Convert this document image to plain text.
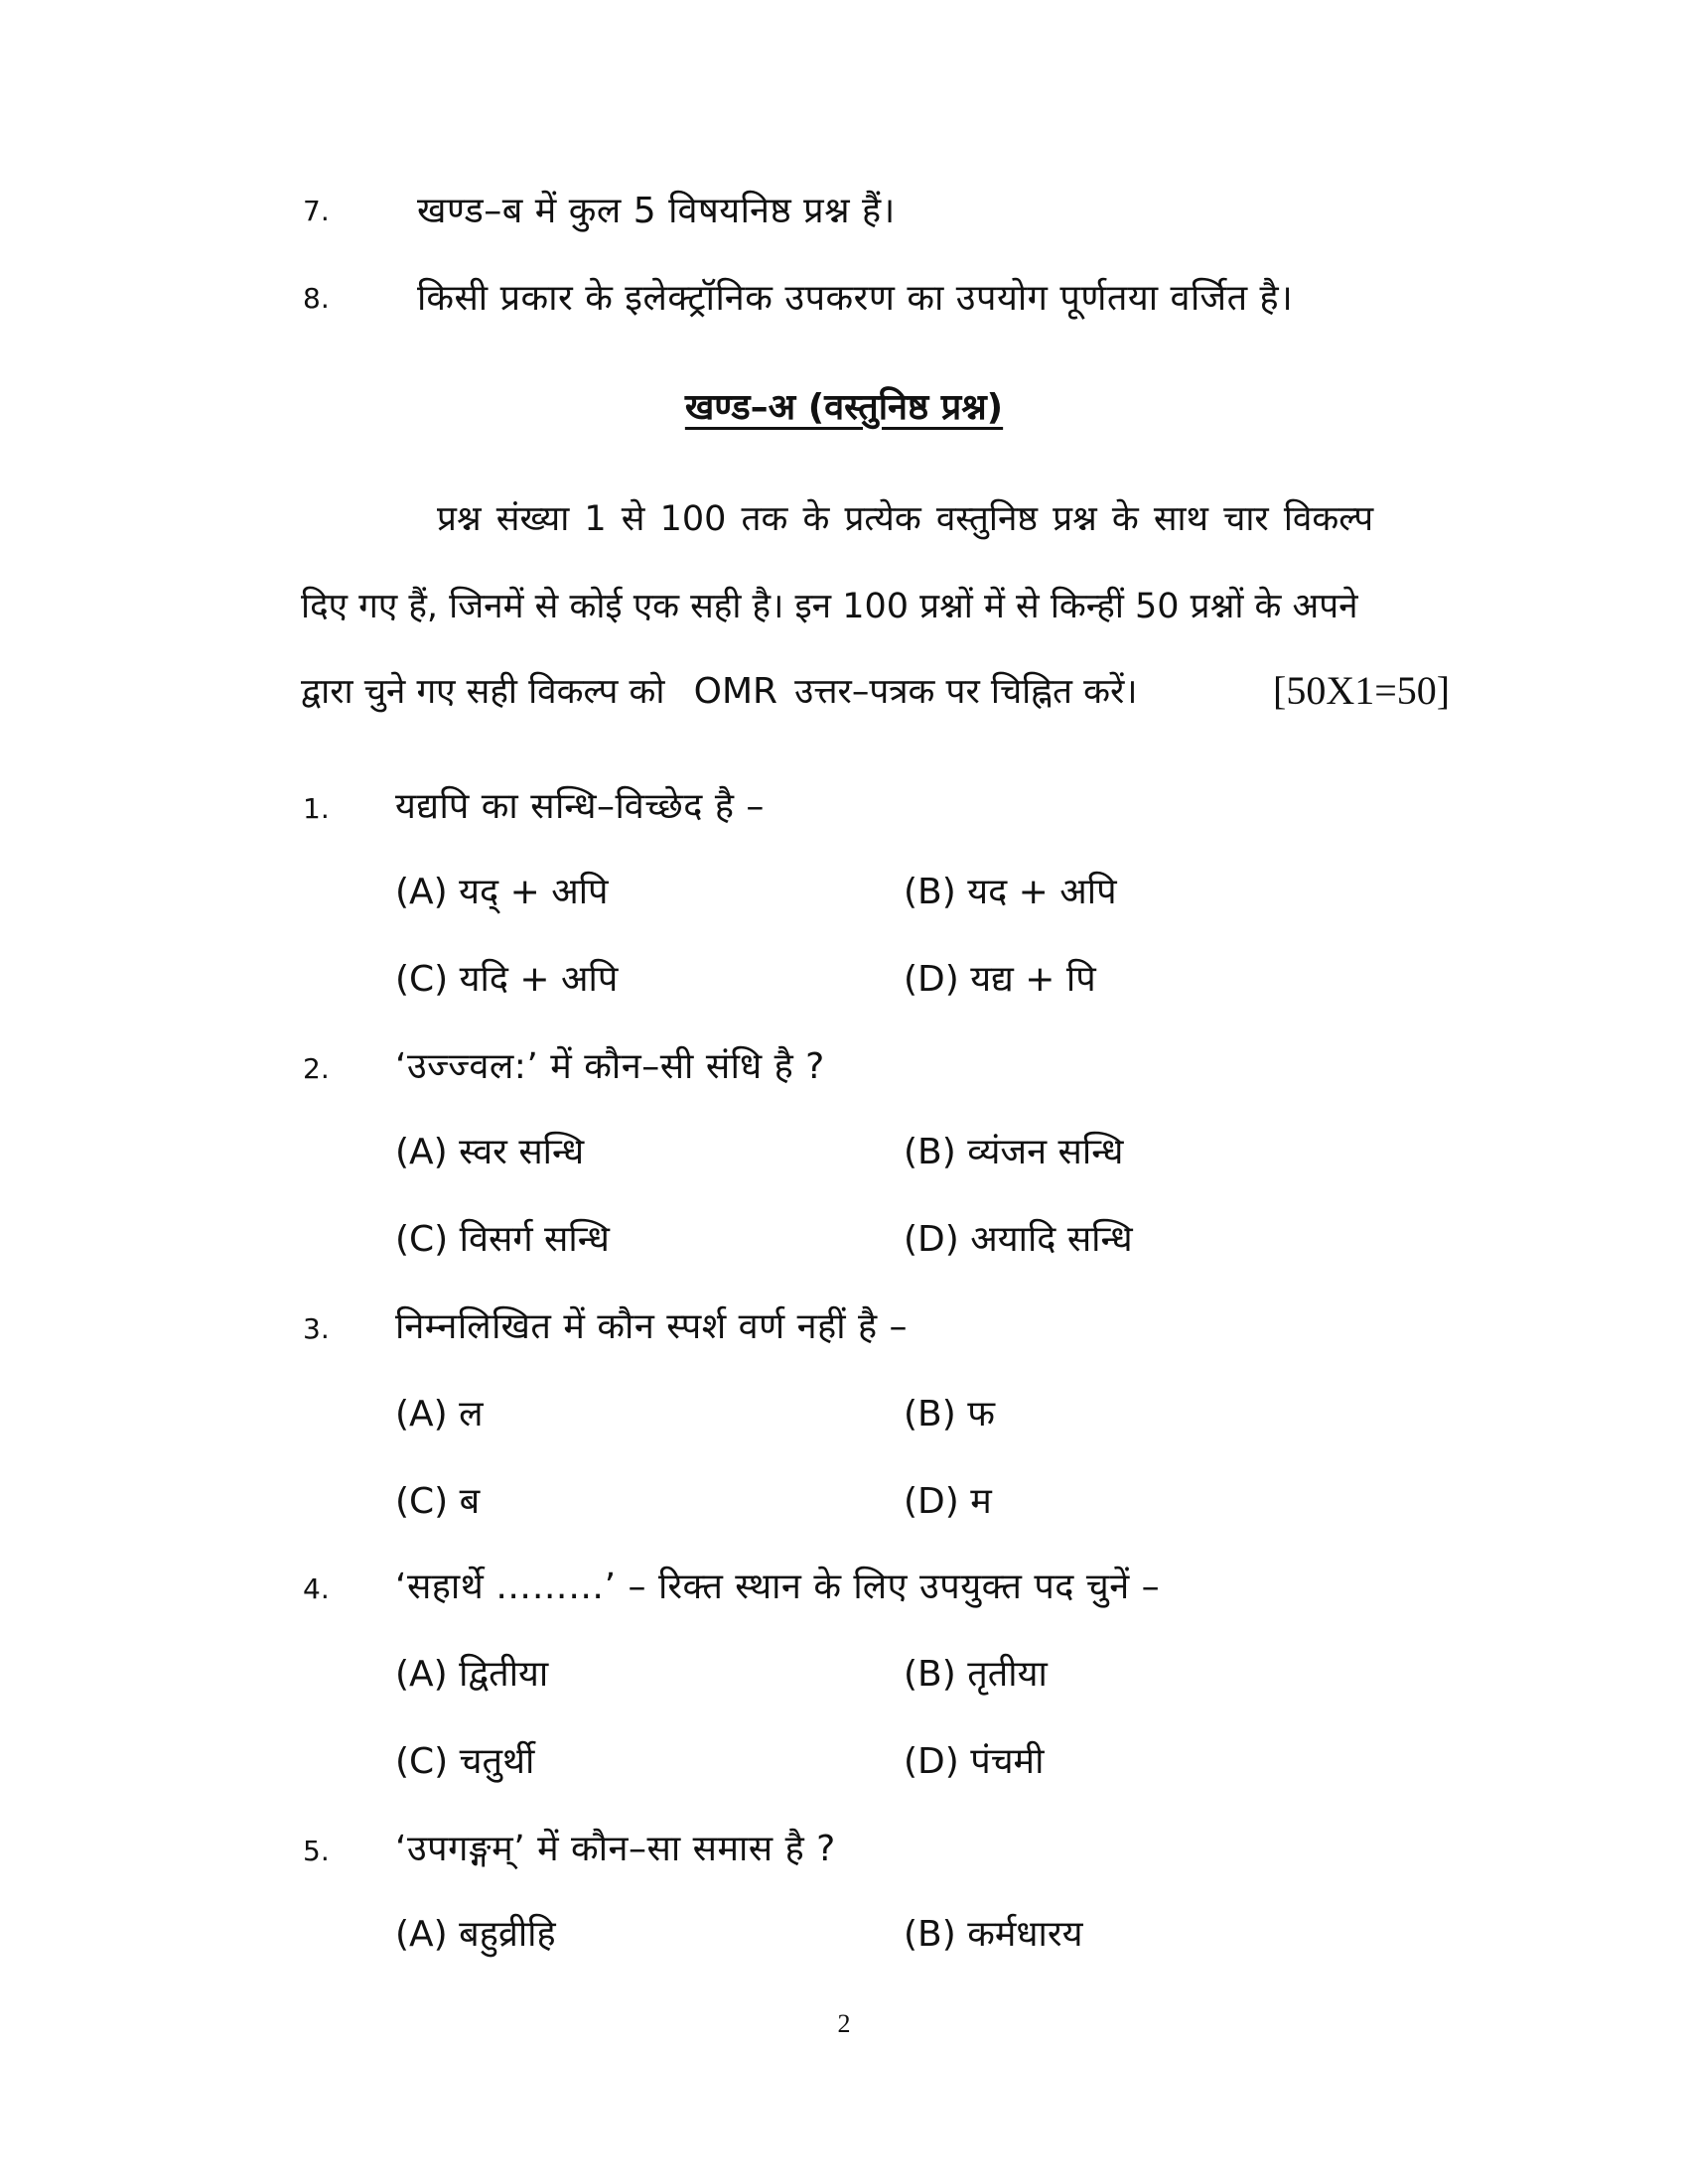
7. खण्ड–ब में कुल 5 विषयनिष्ठ प्रश्न हैं।
8. किसी प्रकार के इलेक्ट्रॉनिक उपकरण का उपयोग पूर्णतया वर्जित है।
खण्ड–अ (वस्तुनिष्ठ प्रश्न)
प्रश्न संख्या 1 से 100 तक के प्रत्येक वस्तुनिष्ठ प्रश्न के साथ चार विकल्प
दिए गए हैं, जिनमें से कोई एक सही है। इन 100 प्रश्नों में से किन्हीं 50 प्रश्नों के अपने
द्वारा चुने गए सही विकल्प को OMR उत्तर–पत्रक पर चिह्नित करें।	[50X1=50]
1. यद्यपि का सन्धि–विच्छेद है –
(A) यद् + अपि	(B) यद + अपि
(C) यदि + अपि	(D) यद्य + पि
2. ‘उज्ज्वल:’ में कौन–सी संधि है ?
(A) स्वर सन्धि	(B) व्यंजन सन्धि
(C) विसर्ग सन्धि	(D) अयादि सन्धि
3. निम्नलिखित में कौन स्पर्श वर्ण नहीं है –
(A) ल	(B) फ
(C) ब	(D) म
4. ‘सहार्थे ………’ – रिक्त स्थान के लिए उपयुक्त पद चुनें –
(A) द्वितीया	(B) तृतीया
(C) चतुर्थी	(D) पंचमी
5. ‘उपगङ्गम्’ में कौन–सा समास है ?
(A) बहुव्रीहि	(B) कर्मधारय
2
